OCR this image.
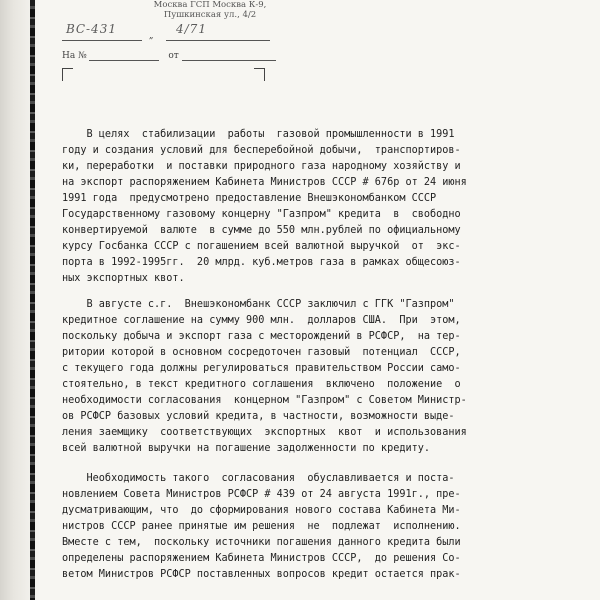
Москва ГСП Москва К-9,
Пушкинская ул., 4/2
„
ВС-431	4/71
На №	от
В целях  стабилизации  работы  газовой промышленности в 1991
году и создания условий для бесперебойной добычи,  транспортиров-
ки, переработки  и поставки природного газа народному хозяйству и
на экспорт распоряжением Кабинета Министров СССР # 676р от 24 июня
1991 года  предусмотрено предоставление Внешэкономбанком СССР
Государственному газовому концерну "Газпром" кредита  в  свободно
конвертируемой  валюте  в сумме до 550 млн.рублей по официальному
курсу Госбанка СССР с погашением всей валютной выручкой  от  экс-
порта в 1992-1995гг.  20 млрд. куб.метров газа в рамках общесоюз-
ных экспортных квот.
В августе с.г.  Внешэкономбанк СССР заключил с ГГК "Газпром"
кредитное соглашение на сумму 900 млн.  долларов США.  При  этом,
поскольку добыча и экспорт газа с месторождений в РСФСР,  на тер-
ритории которой в основном сосредоточен газовый  потенциал  СССР,
с текущего года должны регулироваться правительством России само-
стоятельно, в текст кредитного соглашения  включено  положение  о
необходимости согласования  концерном "Газпром" с Советом Министр-
ов РСФСР базовых условий кредита, в частности, возможности выде-
ления заемщику  соответствующих  экспортных  квот  и использования
всей валютной выручки на погашение задолженности по кредиту.
Необходимость такого  согласования  обуславливается и поста-
новлением Совета Министров РСФСР # 439 от 24 августа 1991г., пре-
дусматривающим, что  до сформирования нового состава Кабинета Ми-
нистров СССР ранее принятые им решения  не  подлежат  исполнению.
Вместе с тем,  поскольку источники погашения данного кредита были
определены распоряжением Кабинета Министров СССР,  до решения Со-
ветом Министров РСФСР поставленных вопросов кредит остается прак-
